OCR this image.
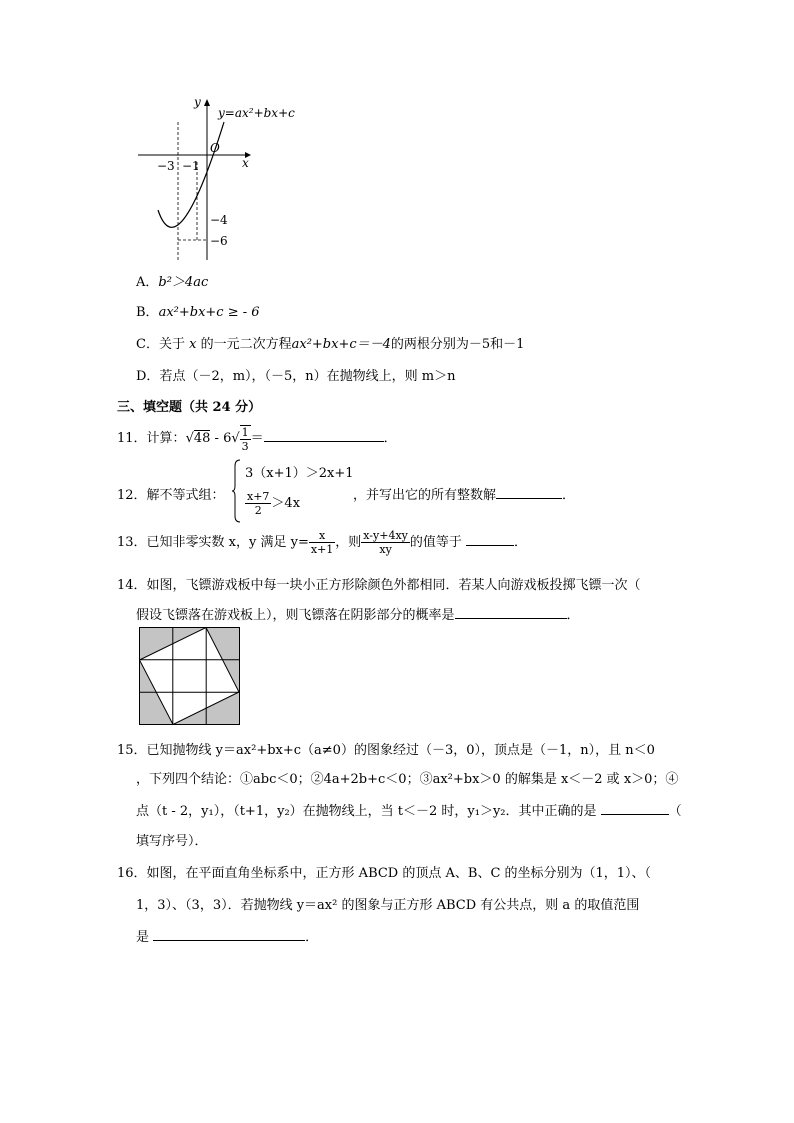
y
y=ax²+bx+c
O
x
−3 −1
−4
−6
A．b²＞4ac
B．ax²+bx+c ≥ - 6
C．关于 x 的一元二次方程ax²+bx+c＝－4的两根分别为－5和－1
D．若点（－2，m），（－5，n）在抛物线上，则 m＞n
三、填空题（共 24 分）
11．计算：$√48 - 6√ \frac{1}{3}$ ＝	．
12．解不等式组：
3（x+1）＞2x+1
$\frac{x+7}{2} >4x$
，并写出它的所有整数解	．
13．已知非零实数 x，y 满足 $y= \frac{x}{x+1}$ ，则 $\frac{x-y+4xy}{xy}$ 的值等于	．
14．如图，飞镖游戏板中每一块小正方形除颜色外都相同．若某人向游戏板投掷飞镖一次（
假设飞镖落在游戏板上），则飞镖落在阴影部分的概率是	．
15．已知抛物线 y＝ax²+bx+c（a≠0）的图象经过（－3，0），顶点是（－1，n），且 n＜0
，下列四个结论：①abc＜0；②4a+2b+c＜0；③ax²+bx＞0 的解集是 x＜－2 或 x＞0；④
点（t - 2，y₁），（t+1，y₂）在抛物线上，当 t＜－2 时，y₁＞y₂．其中正确的是	（
填写序号）．
16．如图，在平面直角坐标系中，正方形 ABCD 的顶点 A、B、C 的坐标分别为（1，1）、（
1，3）、（3，3）．若抛物线 y＝ax² 的图象与正方形 ABCD 有公共点，则 a 的取值范围
是	．
